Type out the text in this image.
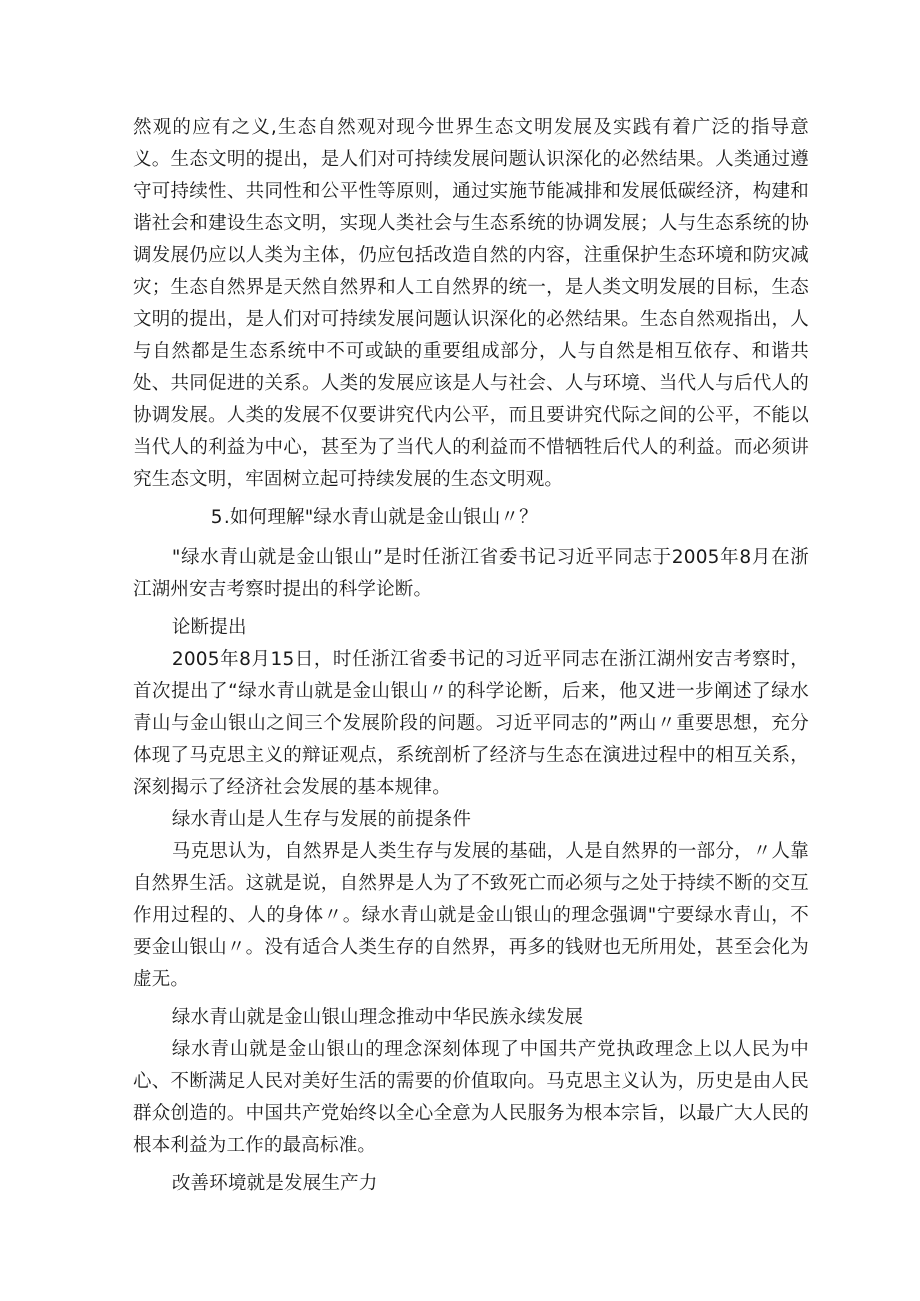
然观的应有之义,生态自然观对现今世界生态文明发展及实践有着广泛的指导意义。生态文明的提出，是人们对可持续发展问题认识深化的必然结果。人类通过遵守可持续性、共同性和公平性等原则，通过实施节能减排和发展低碳经济，构建和谐社会和建设生态文明，实现人类社会与生态系统的协调发展；人与生态系统的协调发展仍应以人类为主体，仍应包括改造自然的内容，注重保护生态环境和防灾减灾；生态自然界是天然自然界和人工自然界的统一，是人类文明发展的目标，生态文明的提出，是人们对可持续发展问题认识深化的必然结果。生态自然观指出，人与自然都是生态系统中不可或缺的重要组成部分，人与自然是相互依存、和谐共处、共同促进的关系。人类的发展应该是人与社会、人与环境、当代人与后代人的协调发展。人类的发展不仅要讲究代内公平，而且要讲究代际之间的公平，不能以当代人的利益为中心，甚至为了当代人的利益而不惜牺牲后代人的利益。而必须讲究生态文明，牢固树立起可持续发展的生态文明观。

5.如何理解"绿水青山就是金山银山〃？

"绿水青山就是金山银山”是时任浙江省委书记习近平同志于2005年8月在浙江湖州安吉考察时提出的科学论断。

论断提出

2005年8月15日，时任浙江省委书记的习近平同志在浙江湖州安吉考察时，首次提出了“绿水青山就是金山银山〃的科学论断，后来，他又进一步阐述了绿水青山与金山银山之间三个发展阶段的问题。习近平同志的”两山〃重要思想，充分体现了马克思主义的辩证观点，系统剖析了经济与生态在演进过程中的相互关系，深刻揭示了经济社会发展的基本规律。

绿水青山是人生存与发展的前提条件

马克思认为，自然界是人类生存与发展的基础，人是自然界的一部分，〃人靠自然界生活。这就是说，自然界是人为了不致死亡而必须与之处于持续不断的交互作用过程的、人的身体〃。绿水青山就是金山银山的理念强调"宁要绿水青山，不要金山银山〃。没有适合人类生存的自然界，再多的钱财也无所用处，甚至会化为虚无。

绿水青山就是金山银山理念推动中华民族永续发展

绿水青山就是金山银山的理念深刻体现了中国共产党执政理念上以人民为中心、不断满足人民对美好生活的需要的价值取向。马克思主义认为，历史是由人民群众创造的。中国共产党始终以全心全意为人民服务为根本宗旨，以最广大人民的根本利益为工作的最高标准。

改善环境就是发展生产力
